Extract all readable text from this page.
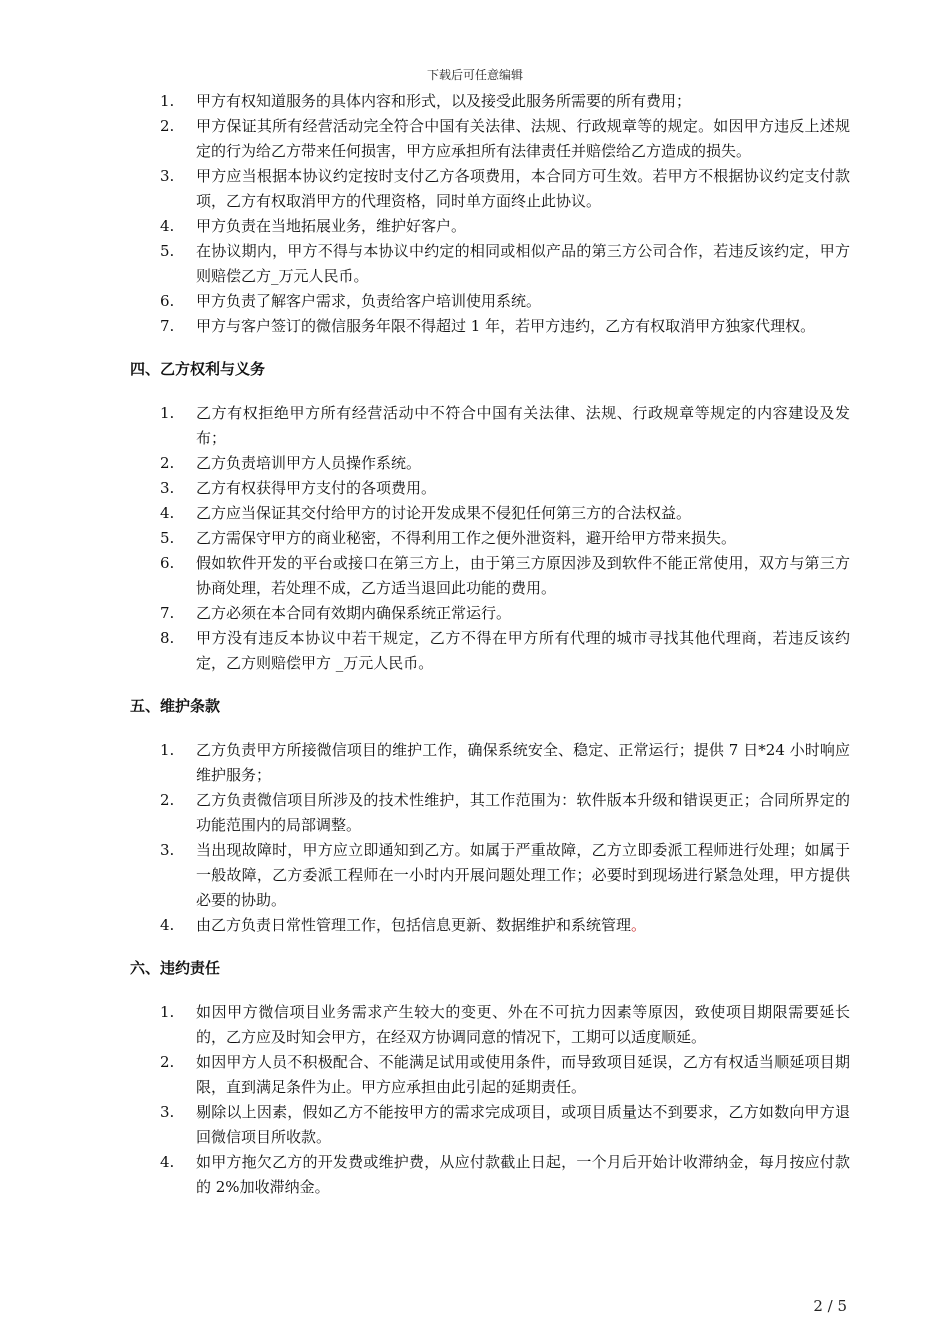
下载后可任意编辑
1.	甲方有权知道服务的具体内容和形式，以及接受此服务所需要的所有费用；
2.	甲方保证其所有经营活动完全符合中国有关法律、法规、行政规章等的规定。如因甲方违反上述规定的行为给乙方带来任何损害，甲方应承担所有法律责任并赔偿给乙方造成的损失。
3.	甲方应当根据本协议约定按时支付乙方各项费用，本合同方可生效。若甲方不根据协议约定支付款项，乙方有权取消甲方的代理资格，同时单方面终止此协议。
4.	甲方负责在当地拓展业务，维护好客户。
5.	在协议期内，甲方不得与本协议中约定的相同或相似产品的第三方公司合作，若违反该约定，甲方则赔偿乙方_万元人民币。
6.	甲方负责了解客户需求，负责给客户培训使用系统。
7.	甲方与客户签订的微信服务年限不得超过 1 年，若甲方违约，乙方有权取消甲方独家代理权。
四、乙方权利与义务
1.	乙方有权拒绝甲方所有经营活动中不符合中国有关法律、法规、行政规章等规定的内容建设及发布；
2.	乙方负责培训甲方人员操作系统。
3.	乙方有权获得甲方支付的各项费用。
4.	乙方应当保证其交付给甲方的讨论开发成果不侵犯任何第三方的合法权益。
5.	乙方需保守甲方的商业秘密，不得利用工作之便外泄资料，避开给甲方带来损失。
6.	假如软件开发的平台或接口在第三方上，由于第三方原因涉及到软件不能正常使用，双方与第三方协商处理，若处理不成，乙方适当退回此功能的费用。
7.	乙方必须在本合同有效期内确保系统正常运行。
8.	甲方没有违反本协议中若干规定，乙方不得在甲方所有代理的城市寻找其他代理商，若违反该约定，乙方则赔偿甲方 _万元人民币。
五、维护条款
1.	乙方负责甲方所接微信项目的维护工作，确保系统安全、稳定、正常运行；提供 7 日*24 小时响应维护服务；
2.	乙方负责微信项目所涉及的技术性维护，其工作范围为：软件版本升级和错误更正；合同所界定的功能范围内的局部调整。
3.	当出现故障时，甲方应立即通知到乙方。如属于严重故障，乙方立即委派工程师进行处理；如属于一般故障，乙方委派工程师在一小时内开展问题处理工作；必要时到现场进行紧急处理，甲方提供必要的协助。
4.	由乙方负责日常性管理工作，包括信息更新、数据维护和系统管理。
六、违约责任
1.	如因甲方微信项目业务需求产生较大的变更、外在不可抗力因素等原因，致使项目期限需要延长的，乙方应及时知会甲方，在经双方协调同意的情况下，工期可以适度顺延。
2.	如因甲方人员不积极配合、不能满足试用或使用条件，而导致项目延误，乙方有权适当顺延项目期限，直到满足条件为止。甲方应承担由此引起的延期责任。
3.	剔除以上因素，假如乙方不能按甲方的需求完成项目，或项目质量达不到要求，乙方如数向甲方退回微信项目所收款。
4.	如甲方拖欠乙方的开发费或维护费，从应付款截止日起，一个月后开始计收滞纳金，每月按应付款的 2%加收滞纳金。
2 / 5
